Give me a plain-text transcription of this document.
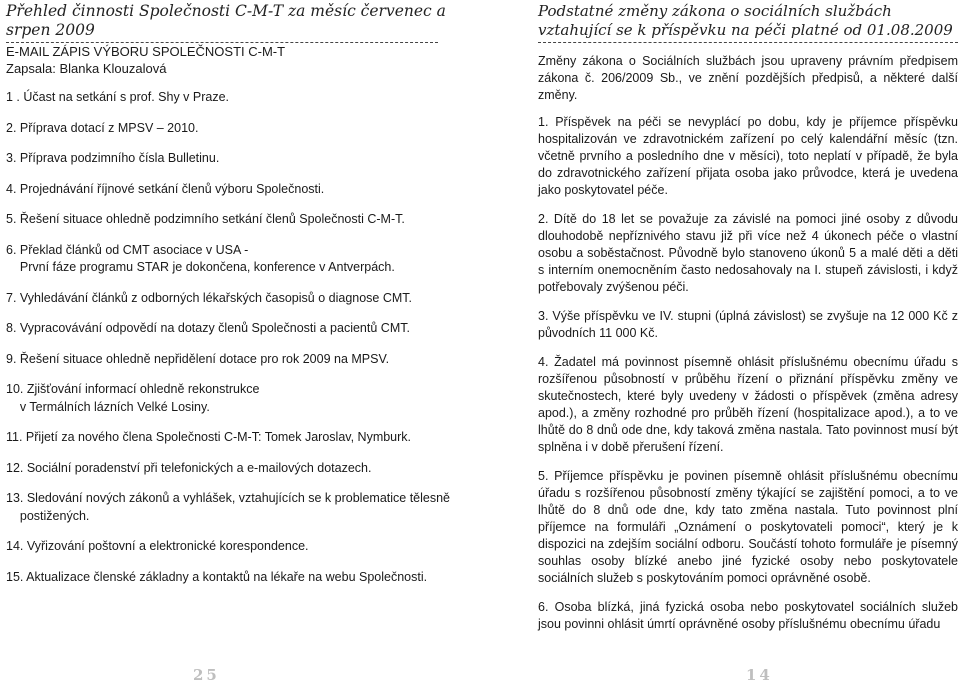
Přehled činnosti Společnosti C-M-T za měsíc červenec a srpen 2009

E-MAIL ZÁPIS VÝBORU SPOLEČNOSTI C-M-T

Zapsala: Blanka Klouzalová

1 . Účast na setkání s prof. Shy v Praze.

2. Příprava dotací z MPSV – 2010.

3. Příprava podzimního čísla Bulletinu.

4. Projednávání říjnové setkání členů výboru Společnosti.

5. Řešení situace ohledně podzimního setkání členů Společnosti C-M-T.

6. Překlad článků od CMT asociace v USA -

První fáze programu STAR je dokončena, konference v Antverpách.

7. Vyhledávání článků z odborných lékařských časopisů o diagnose CMT.

8. Vypracovávání odpovědí na dotazy členů Společnosti a pacientů CMT.

9. Řešení situace ohledně nepřidělení dotace pro rok 2009 na MPSV.

10. Zjišťování informací ohledně rekonstrukce

v Termálních lázních Velké Losiny.

11. Přijetí za nového člena Společnosti C-M-T: Tomek Jaroslav, Nymburk.

12. Sociální poradenství při telefonických a e-mailových dotazech.

13. Sledování nových zákonů a vyhlášek, vztahujících se k problematice tělesně

postižených.

14. Vyřizování poštovní a elektronické korespondence.

15. Aktualizace členské základny a kontaktů na lékaře na webu Společnosti.

25

Podstatné změny zákona o sociálních službách vztahující se k příspěvku na péči platné od 01.08.2009

Změny zákona o Sociálních službách jsou upraveny právním předpisem zákona č. 206/2009 Sb., ve znění pozdějších předpisů, a některé další změny.

1. Příspěvek na péči se nevyplácí po dobu, kdy je příjemce příspěvku hospitalizován ve zdravotnickém zařízení po celý kalendářní měsíc (tzn. včetně prvního a posledního dne v měsíci), toto neplatí v případě, že byla do zdravotnického zařízení přijata osoba jako průvodce, která je uvedena jako poskytovatel péče.

2. Dítě do 18 let se považuje za závislé na pomoci jiné osoby z důvodu dlouhodobě nepříznivého stavu již při více než 4 úkonech péče o vlastní osobu a soběstačnost. Původně bylo stanoveno úkonů 5 a malé děti a děti s interním onemocněním často nedosahovaly na I. stupeň závislosti, i když potřebovaly zvýšenou péči.

3. Výše příspěvku ve IV. stupni (úplná závislost) se zvyšuje na 12 000 Kč z původních 11 000 Kč.

4. Žadatel má povinnost písemně ohlásit příslušnému obecnímu úřadu s rozšířenou působností v průběhu řízení o přiznání příspěvku změny ve skutečnostech, které byly uvedeny v žádosti o příspěvek (změna adresy apod.), a změny rozhodné pro průběh řízení (hospitalizace apod.), a to ve lhůtě do 8 dnů ode dne, kdy taková změna nastala. Tato povinnost musí být splněna i v době přerušení řízení.

5. Příjemce příspěvku je povinen písemně ohlásit příslušnému obecnímu úřadu s rozšířenou působností změny týkající se zajištění pomoci, a to ve lhůtě do 8 dnů ode dne, kdy tato změna nastala. Tuto povinnost plní příjemce na formuláři „Oznámení o poskytovateli pomoci“, který je k dispozici na zdejším sociální odboru. Součástí tohoto formuláře je písemný souhlas osoby blízké anebo jiné fyzické osoby nebo poskytovatele sociálních služeb s poskytováním pomoci oprávněné osobě.

6. Osoba blízká, jiná fyzická osoba nebo poskytovatel sociálních služeb jsou povinni ohlásit úmrtí oprávněné osoby příslušnému obecnímu úřadu

14
